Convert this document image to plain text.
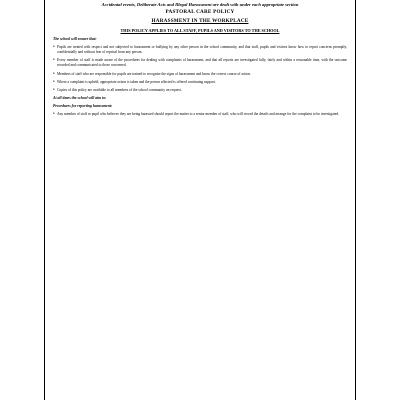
Accidental events, Deliberate Acts and Illegal Harassment are dealt with under each appropriate section
PASTORAL CARE POLICY
HARASSMENT IN THE WORKPLACE
THIS POLICY APPLIES TO ALL STAFF, PUPILS AND VISITORS TO THE SCHOOL
The school will ensure that:
• Pupils are treated with respect and not subjected to harassment or bullying by any other person in the school community, and that staff, pupils and visitors know how to report concerns promptly, confidentially and without fear of reprisal from any person.
• Every member of staff is made aware of the procedures for dealing with complaints of harassment, and that all reports are investigated fully, fairly and within a reasonable time, with the outcome recorded and communicated to those concerned.
• Members of staff who are responsible for pupils are trained to recognise the signs of harassment and know the correct course of action.
• Where a complaint is upheld, appropriate action is taken and the person affected is offered continuing support.
• Copies of this policy are available to all members of the school community on request.
At all times the school will aim to:
Procedures for reporting harassment:
• Any member of staff or pupil who believes they are being harassed should report the matter to a senior member of staff, who will record the details and arrange for the complaint to be investigated.
